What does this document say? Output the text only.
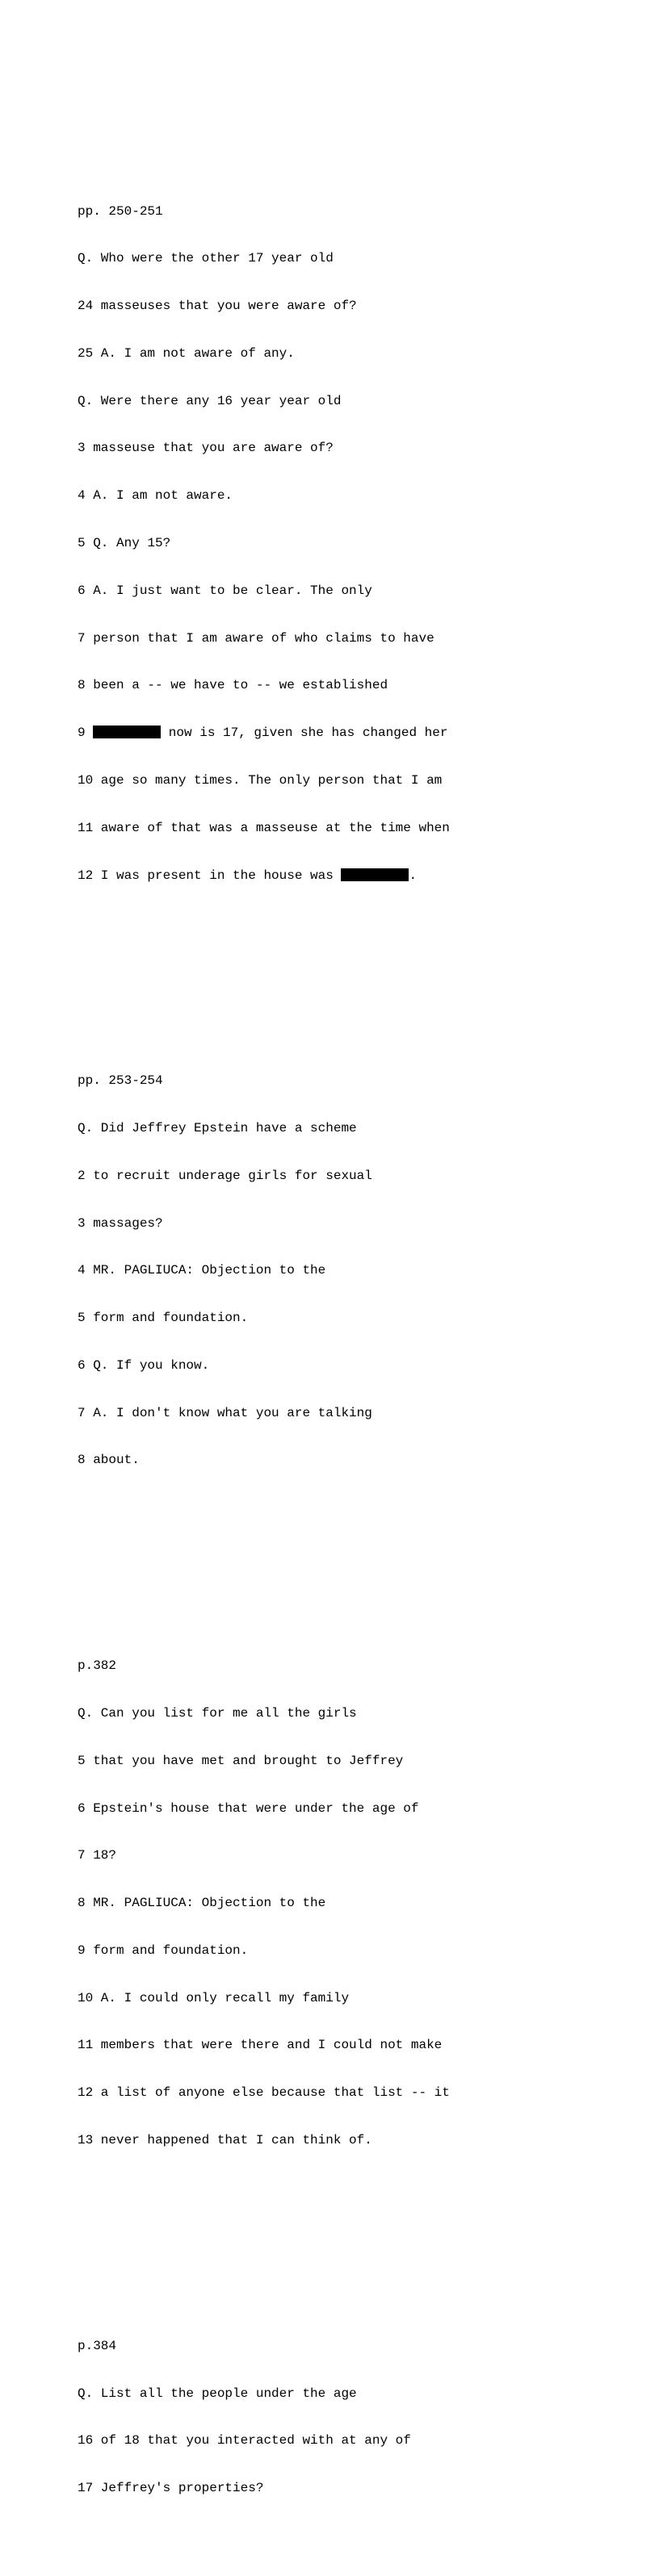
pp. 250-251

Q. Who were the other 17 year old

24 masseuses that you were aware of?

25 A. I am not aware of any.

Q. Were there any 16 year year old

3 masseuse that you are aware of?

4 A. I am not aware.

5 Q. Any 15?

6 A. I just want to be clear. The only

7 person that I am aware of who claims to have

8 been a -- we have to -- we established

9	now is 17, given she has changed her

10 age so many times. The only person that I am

11 aware of that was a masseuse at the time when

12 I was present in the house was	.

pp. 253-254

Q. Did Jeffrey Epstein have a scheme

2 to recruit underage girls for sexual

3 massages?

4 MR. PAGLIUCA: Objection to the

5 form and foundation.

6 Q. If you know.

7 A. I don't know what you are talking

8 about.

p.382

Q. Can you list for me all the girls

5 that you have met and brought to Jeffrey

6 Epstein's house that were under the age of

7 18?

8 MR. PAGLIUCA: Objection to the

9 form and foundation.

10 A. I could only recall my family

11 members that were there and I could not make

12 a list of anyone else because that list -- it

13 never happened that I can think of.

p.384

Q. List all the people under the age

16 of 18 that you interacted with at any of

17 Jeffrey's properties?
